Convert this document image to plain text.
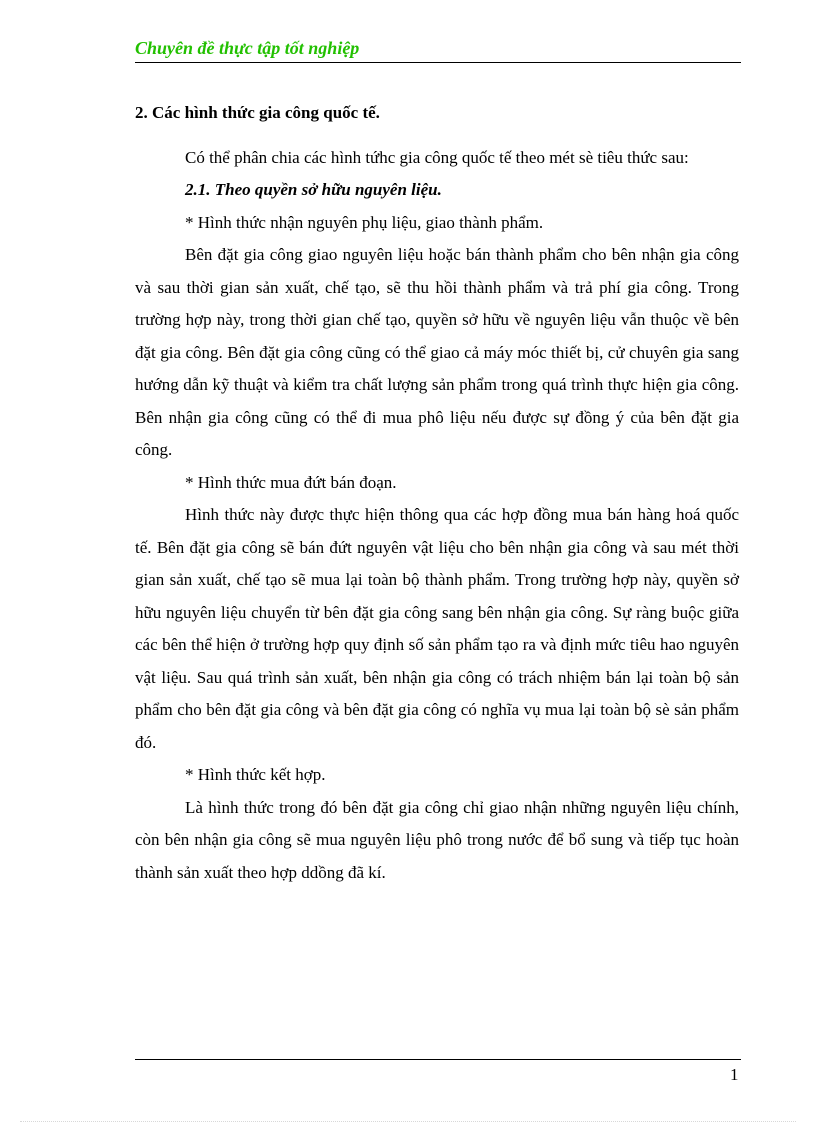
Chuyên đề thực tập tốt nghiệp

2. Các hình thức gia công quốc tế.

Có thể phân chia các hình tứhc gia công quốc tế theo mét sè tiêu thức sau:

2.1. Theo quyền sở hữu nguyên liệu.

* Hình thức nhận nguyên phụ liệu, giao thành phẩm.

Bên đặt gia công giao nguyên liệu hoặc bán thành phẩm cho bên nhận gia công và sau thời gian sản xuất, chế tạo, sẽ thu hồi thành phẩm và trả phí gia công. Trong trường hợp này, trong thời gian chế tạo, quyền sở hữu về nguyên liệu vẫn thuộc về bên đặt gia công. Bên đặt gia công cũng có thể giao cả máy móc thiết bị, cử chuyên gia sang hướng dẫn kỹ thuật và kiểm tra chất lượng sản phẩm trong quá trình thực hiện gia công. Bên nhận gia công cũng có thể đi mua phô liệu nếu được sự đồng ý của bên đặt gia công.

* Hình thức mua đứt bán đoạn.

Hình thức này được thực hiện thông qua các hợp đồng mua bán hàng hoá quốc tế. Bên đặt gia công sẽ bán đứt nguyên vật liệu cho bên nhận gia công và sau mét thời gian sản xuất, chế tạo sẽ mua lại toàn bộ thành phẩm. Trong trường hợp này, quyền sở hữu nguyên liệu chuyển từ bên đặt gia công sang bên nhận gia công. Sự ràng buộc giữa các bên thể hiện ở trường hợp quy định số sản phẩm tạo ra và định mức tiêu hao nguyên vật liệu. Sau quá trình sản xuất, bên nhận gia công có trách nhiệm bán lại toàn bộ sản phẩm cho bên đặt gia công và bên đặt gia công có nghĩa vụ mua lại toàn bộ sè sản phẩm đó.

* Hình thức kết hợp.

Là hình thức trong đó bên đặt gia công chỉ giao nhận những nguyên liệu chính, còn bên nhận gia công sẽ mua nguyên liệu phô trong nước để bổ sung và tiếp tục hoàn thành sản xuất theo hợp ddồng đã kí.

1
